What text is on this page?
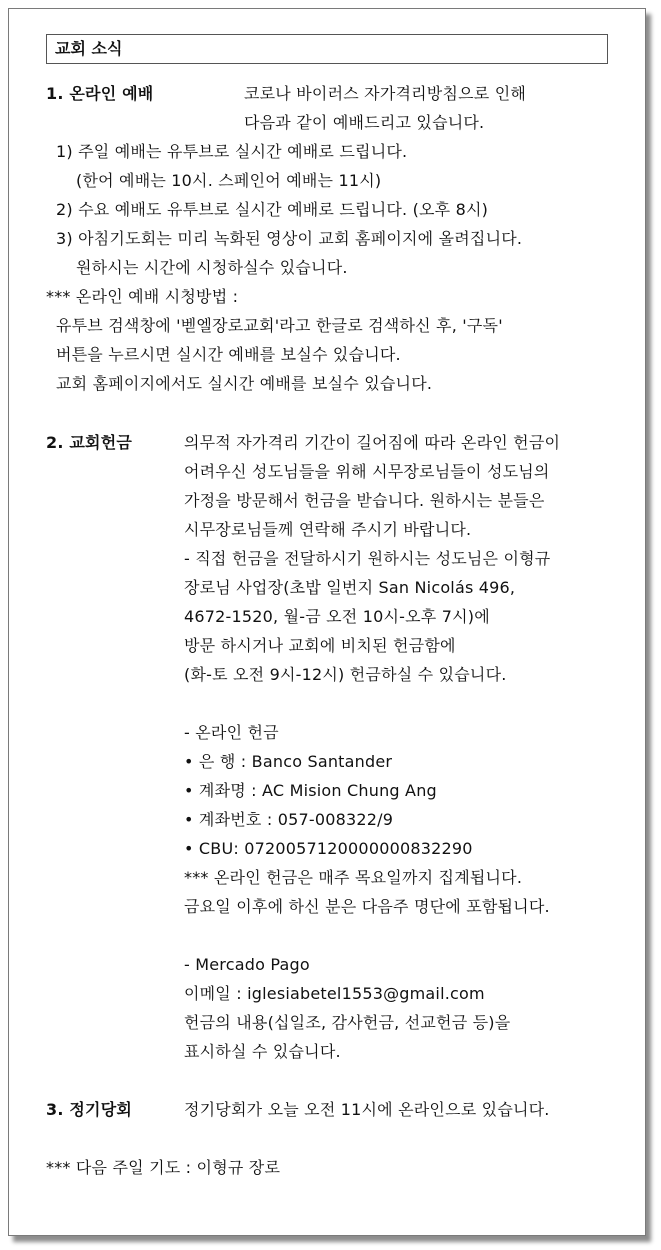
교회 소식
1. 온라인 예배	코로나 바이러스 자가격리방침으로 인해
다음과 같이 예배드리고 있습니다.
1) 주일 예배는 유투브로 실시간 예배로 드립니다.
(한어 예배는 10시. 스페인어 예배는 11시)
2) 수요 예배도 유투브로 실시간 예배로 드립니다. (오후 8시)
3) 아침기도회는 미리 녹화된 영상이 교회 홈페이지에 올려집니다.
원하시는 시간에 시청하실수 있습니다.
*** 온라인 예배 시청방법 :
유투브 검색창에 '벧엘장로교회'라고 한글로 검색하신 후, '구독'
버튼을 누르시면 실시간 예배를 보실수 있습니다.
교회 홈페이지에서도 실시간 예배를 보실수 있습니다.
2. 교회헌금	의무적 자가격리 기간이 길어짐에 따라 온라인 헌금이
어려우신 성도님들을 위해 시무장로님들이 성도님의
가정을 방문해서 헌금을 받습니다. 원하시는 분들은
시무장로님들께 연락해 주시기 바랍니다.
- 직접 헌금을 전달하시기 원하시는 성도님은 이형규
장로님 사업장(초밥 일번지 San Nicolás 496,
4672-1520, 월-금 오전 10시-오후 7시)에
방문 하시거나 교회에 비치된 헌금함에
(화-토 오전 9시-12시) 헌금하실 수 있습니다.
- 온라인 헌금
• 은 행 : Banco Santander
• 계좌명 : AC Mision Chung Ang
• 계좌번호 : 057-008322/9
• CBU: 0720057120000000832290
*** 온라인 헌금은 매주 목요일까지 집계됩니다.
금요일 이후에 하신 분은 다음주 명단에 포함됩니다.
- Mercado Pago
이메일 : iglesiabetel1553@gmail.com
헌금의 내용(십일조, 감사헌금, 선교헌금 등)을
표시하실 수 있습니다.
3. 정기당회	정기당회가 오늘 오전 11시에 온라인으로 있습니다.
*** 다음 주일 기도 : 이형규 장로
